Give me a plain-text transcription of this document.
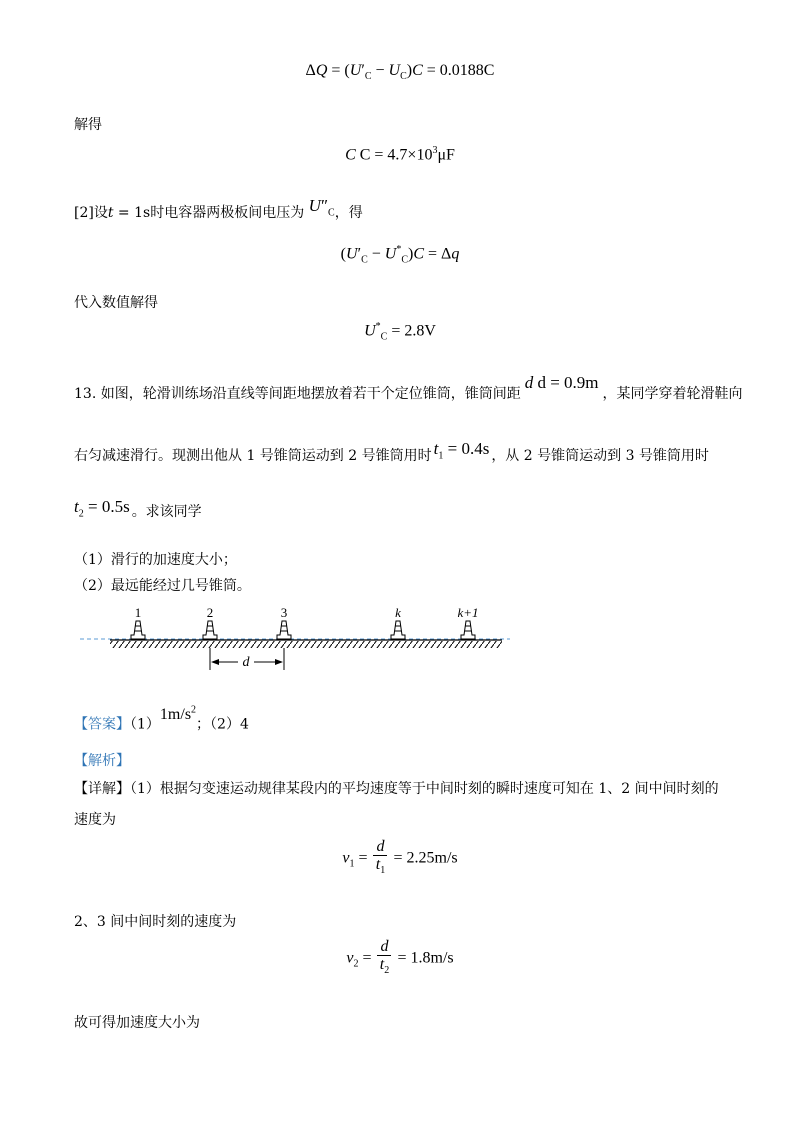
$\Delta Q = (U'_C - U_C)C = 0.0188C$
解得
C $C = 4.7\times 10^3\mu F$
[2]设t = 1s时电容器两极板间电压为 $U''_C$，得
$(U'_C - U^*_C)C = \Delta q$
代入数值解得
$U^*_C = 2.8V$
13. 如图，轮滑训练场沿直线等间距地摆放着若干个定位锥筒，锥筒间距d d = 0.9m，某同学穿着轮滑鞋向
右匀减速滑行。现测出他从 1 号锥筒运动到 2 号锥筒用时 $t_1 = 0.4s$ ，从 2 号锥筒运动到 3 号锥筒用时
$t_2 = 0.5s$ 。求该同学
（1）滑行的加速度大小；
（2）最远能经过几号锥筒。
1	2	3	k	k+1
d
【答案】$(1)1m/s^2$；（2）4
【解析】
【详解】（1）根据匀变速运动规律某段内的平均速度等于中间时刻的瞬时速度可知在 1、2 间中间时刻的
速度为
$v_1 = \frac{d}{t_1} = 2.25m/s$
2、3 间中间时刻的速度为
$v_2 = \frac{d}{t_2} = 1.8m/s$
故可得加速度大小为
